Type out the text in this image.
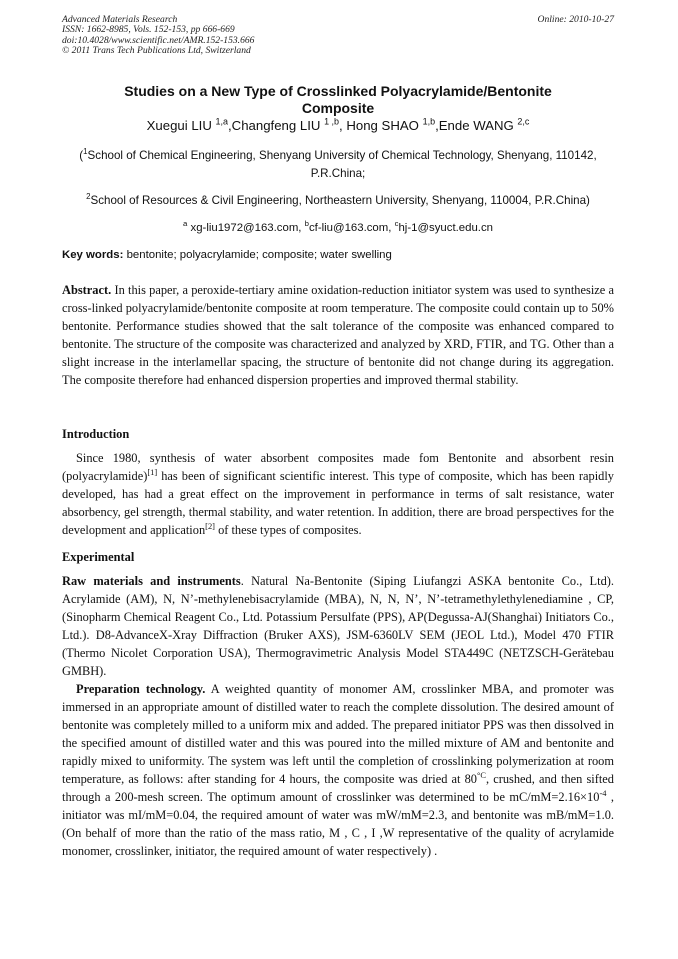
Advanced Materials Research
ISSN: 1662-8985, Vols. 152-153, pp 666-669
doi:10.4028/www.scientific.net/AMR.152-153.666
© 2011 Trans Tech Publications Ltd, Switzerland
Online: 2010-10-27
Studies on a New Type of Crosslinked Polyacrylamide/Bentonite
Composite
Xuegui LIU $^{1,a}$,Changfeng LIU $^{1 ,b}$, Hong SHAO $^{1,b}$,Ende WANG $^{2,c}$
($^1$School of Chemical Engineering, Shenyang University of Chemical Technology, Shenyang, 110142, P.R.China;
$^2$School of Resources & Civil Engineering, Northeastern University, Shenyang, 110004, P.R.China)
$^a$ xg-liu1972@163.com, $^b$cf-liu@163.com, $^c$hj-1@syuct.edu.cn
Key words: bentonite; polyacrylamide; composite; water swelling

Abstract. In this paper, a peroxide-tertiary amine oxidation-reduction initiator system was used to synthesize a cross-linked polyacrylamide/bentonite composite at room temperature. The composite could contain up to 50% bentonite. Performance studies showed that the salt tolerance of the composite was enhanced compared to bentonite. The structure of the composite was characterized and analyzed by XRD, FTIR, and TG. Other than a slight increase in the interlamellar spacing, the structure of bentonite did not change during its aggregation. The composite therefore had enhanced dispersion properties and improved thermal stability.

Introduction

Since 1980, synthesis of water absorbent composites made fom Bentonite and absorbent resin (polyacrylamide)[1] has been of significant scientific interest. This type of composite, which has been rapidly developed, has had a great effect on the improvement in performance in terms of salt resistance, water absorbency, gel strength, thermal stability, and water retention. In addition, there are broad perspectives for the development and application[2] of these types of composites.

Experimental

Raw materials and instruments. Natural Na-Bentonite (Siping Liufangzi ASKA bentonite Co., Ltd). Acrylamide (AM), N, N’-methylenebisacrylamide (MBA), N, N, N’, N’-tetramethylethylenediamine , CP, (Sinopharm Chemical Reagent Co., Ltd. Potassium Persulfate (PPS), AP(Degussa-AJ(Shanghai) Initiators Co., Ltd.). D8-AdvanceX-Xray Diffraction (Bruker AXS), JSM-6360LV SEM (JEOL Ltd.), Model 470 FTIR (Thermo Nicolet Corporation USA), Thermogravimetric Analysis Model STA449C (NETZSCH-Gerätebau GMBH).

Preparation technology. A weighted quantity of monomer AM, crosslinker MBA, and promoter was immersed in an appropriate amount of distilled water to reach the complete dissolution. The desired amount of bentonite was completely milled to a uniform mix and added. The prepared initiator PPS was then dissolved in the specified amount of distilled water and this was poured into the milled mixture of AM and bentonite and rapidly mixed to uniformity. The system was left until the completion of crosslinking polymerization at room temperature, as follows: after standing for 4 hours, the composite was dried at $80^{^\circ C}$, crushed, and then sifted through a 200-mesh screen. The optimum amount of crosslinker was determined to be $mC/mM=2.16\times 10^{-4}$ , initiator was mI/mM=0.04, the required amount of water was mW/mM=2.3, and bentonite was mB/mM=1.0. (On behalf of more than the ratio of the mass ratio, M , C , I ,W representative of the quality of acrylamide monomer, crosslinker, initiator, the required amount of water respectively) .
